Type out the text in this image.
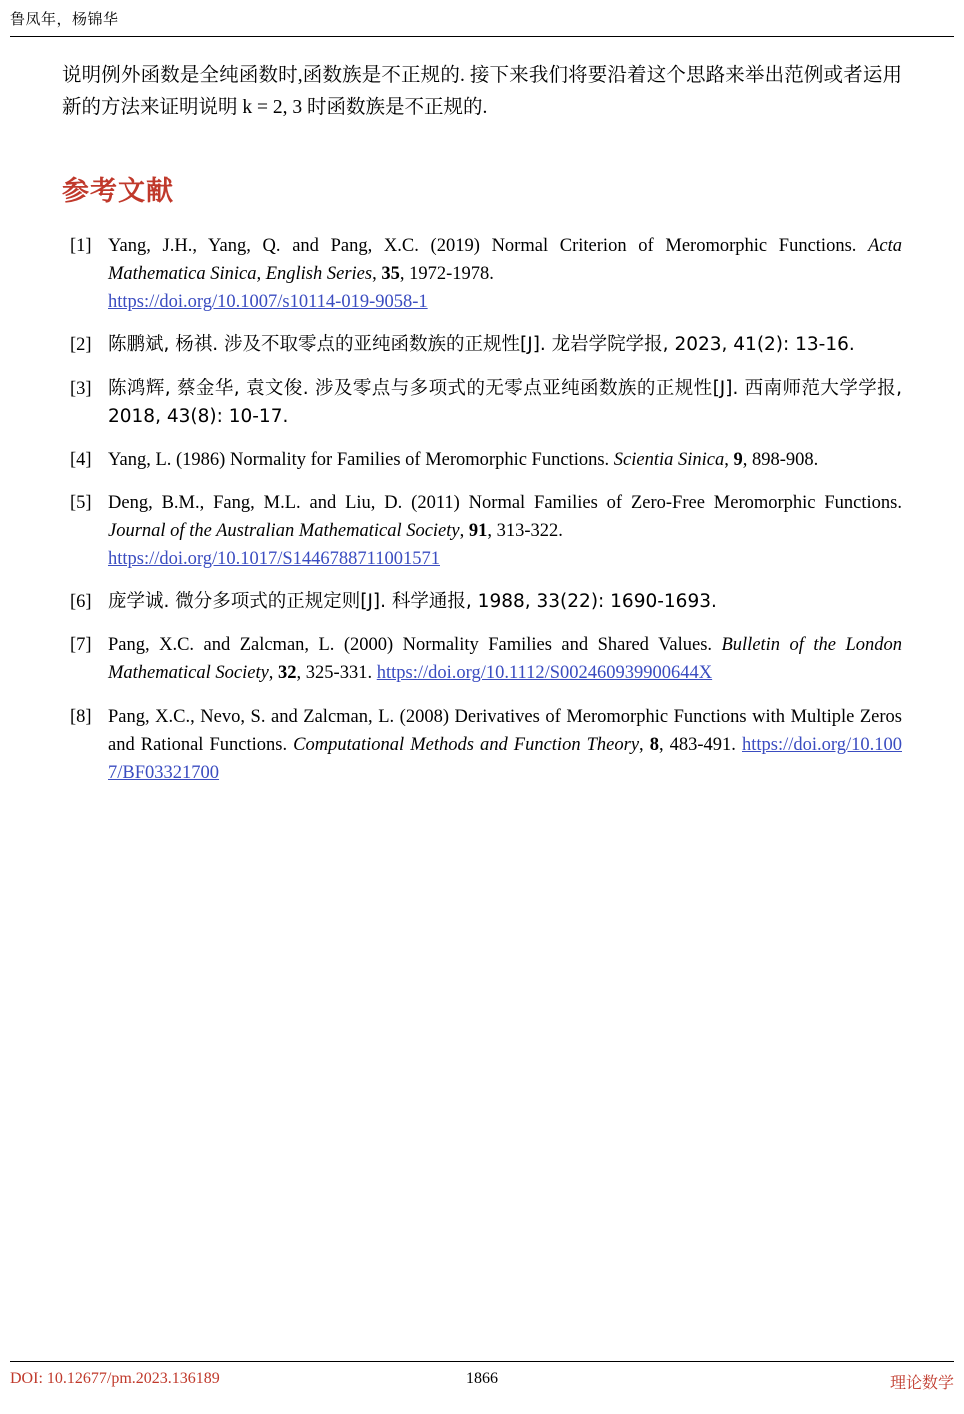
鲁凤年，杨锦华

说明例外函数是全纯函数时,函数族是不正规的. 接下来我们将要沿着这个思路来举出范例或者运用新的方法来证明说明 k = 2, 3 时函数族是不正规的.

参考文献
[1] Yang, J.H., Yang, Q. and Pang, X.C. (2019) Normal Criterion of Meromorphic Functions. Acta Mathematica Sinica, English Series, 35, 1972-1978.
https://doi.org/10.1007/s10114-019-9058-1
[2] 陈鹏斌, 杨祺. 涉及不取零点的亚纯函数族的正规性[J]. 龙岩学院学报, 2023, 41(2): 13-16.
[3] 陈鸿辉, 蔡金华, 袁文俊. 涉及零点与多项式的无零点亚纯函数族的正规性[J]. 西南师范大学学报, 2018, 43(8): 10-17.
[4] Yang, L. (1986) Normality for Families of Meromorphic Functions. Scientia Sinica, 9, 898-908.
[5] Deng, B.M., Fang, M.L. and Liu, D. (2011) Normal Families of Zero-Free Meromorphic Functions. Journal of the Australian Mathematical Society, 91, 313-322.
https://doi.org/10.1017/S1446788711001571
[6] 庞学诚. 微分多项式的正规定则[J]. 科学通报, 1988, 33(22): 1690-1693.
[7] Pang, X.C. and Zalcman, L. (2000) Normality Families and Shared Values. Bulletin of the London Mathematical Society, 32, 325-331. https://doi.org/10.1112/S002460939900644X
[8] Pang, X.C., Nevo, S. and Zalcman, L. (2008) Derivatives of Meromorphic Functions with Multiple Zeros and Rational Functions. Computational Methods and Function Theory, 8, 483-491. https://doi.org/10.1007/BF03321700
DOI: 10.12677/pm.2023.136189	1866	理论数学
